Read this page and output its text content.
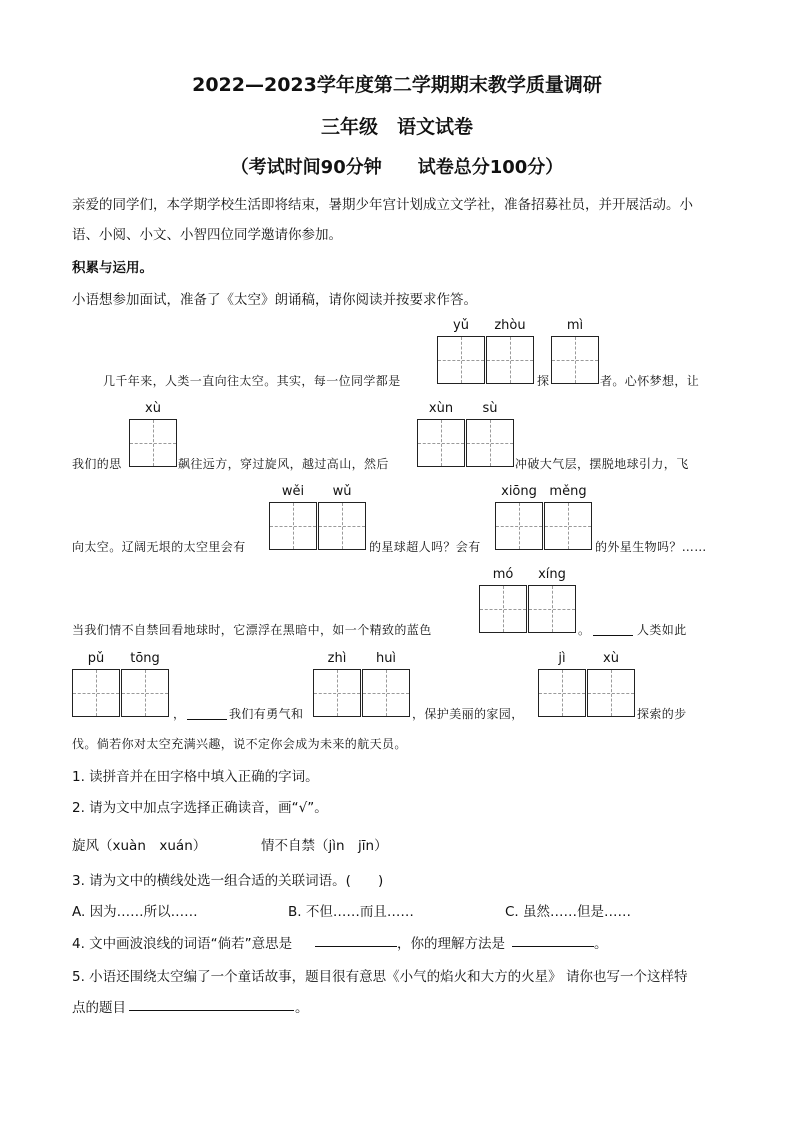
2022—2023学年度第二学期期末教学质量调研
三年级　语文试卷
（考试时间90分钟　　试卷总分100分）
亲爱的同学们，本学期学校生活即将结束，暑期少年宫计划成立文学社，准备招募社员，并开展活动。小
语、小阅、小文、小智四位同学邀请你参加。
积累与运用。
小语想参加面试，准备了《太空》朗诵稿，请你阅读并按要求作答。
yǔ	zhòu	mì
几千年来，人类一直向往太空。其实，每一位同学都是	探	者。心怀梦想，让
xù	xùn	sù
我们的思	飙往远方，穿过旋风，越过高山，然后	冲破大气层，摆脱地球引力，飞
wěi	wǔ	xiōng měng
向太空。辽阔无垠的太空里会有	的星球超人吗？会有	的外星生物吗？……
mó	xíng
当我们情不自禁回看地球时，它漂浮在黑暗中，如一个精致的蓝色	。	人类如此
pǔ	tōng	zhì	huì	jì	xù
，	我们有勇气和	，保护美丽的家园，	探索的步
伐。倘若你对太空充满兴趣，说不定你会成为未来的航天员。
1. 读拼音并在田字格中填入正确的字词。
2. 请为文中加点字选择正确读音，画“√”。
旋风（xuàn　xuán）	情不自禁（jìn　jīn）
3. 请为文中的横线处选一组合适的关联词语。(　　)
A. 因为……所以……	B. 不但……而且……	C. 虽然……但是……
4. 文中画波浪线的词语“倘若”意思是	，你的理解方法是	。
5. 小语还围绕太空编了一个童话故事，题目很有意思《小气的焰火和大方的火星》 请你也写一个这样特
点的题目	。
